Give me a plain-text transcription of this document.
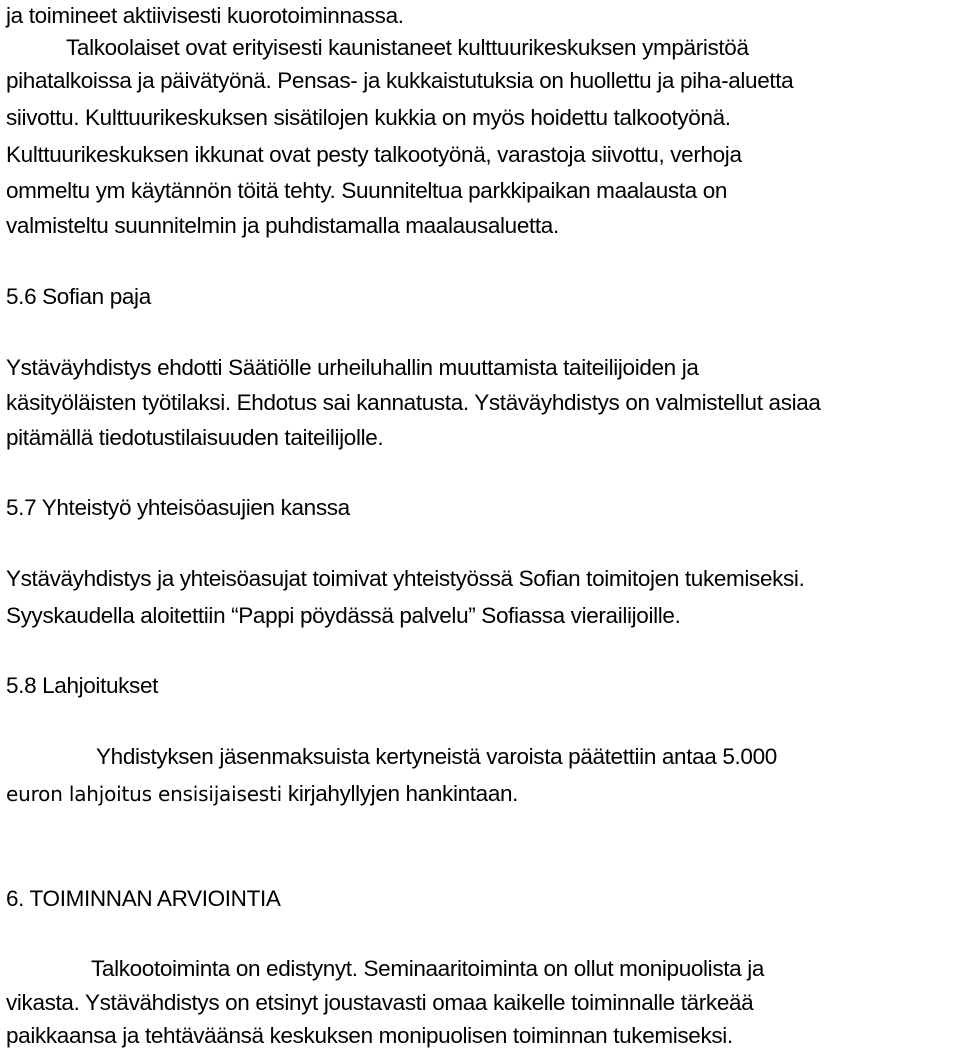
ja toimineet aktiivisesti kuorotoiminnassa.
Talkoolaiset ovat erityisesti kaunistaneet kulttuurikeskuksen ympäristöä
pihatalkoissa ja päivätyönä. Pensas- ja kukkaistutuksia on huollettu ja piha-aluetta
siivottu. Kulttuurikeskuksen sisätilojen kukkia on myös hoidettu talkootyönä.
Kulttuurikeskuksen ikkunat ovat pesty talkootyönä, varastoja siivottu, verhoja
ommeltu ym käytännön töitä tehty. Suunniteltua parkkipaikan maalausta on
valmisteltu suunnitelmin ja puhdistamalla maalausaluetta.
5.6 Sofian paja
Ystäväyhdistys ehdotti Säätiölle urheiluhallin muuttamista taiteilijoiden ja
käsityöläisten työtilaksi. Ehdotus sai kannatusta. Ystäväyhdistys on valmistellut asiaa
pitämällä tiedotustilaisuuden taiteilijolle.
5.7 Yhteistyö yhteisöasujien kanssa
Ystäväyhdistys ja yhteisöasujat toimivat yhteistyössä Sofian toimitojen tukemiseksi.
Syyskaudella aloitettiin “Pappi pöydässä palvelu” Sofiassa vierailijoille.
5.8 Lahjoitukset
Yhdistyksen jäsenmaksuista kertyneistä varoista päätettiin antaa 5.000
euron lahjoitus ensisijaisesti kirjahyllyjen hankintaan.
6. TOIMINNAN ARVIOINTIA
Talkootoiminta on edistynyt. Seminaaritoiminta on ollut monipuolista ja
vikasta. Ystävähdistys on etsinyt joustavasti omaa kaikelle toiminnalle tärkeää
paikkaansa ja tehtäväänsä keskuksen monipuolisen toiminnan tukemiseksi.
